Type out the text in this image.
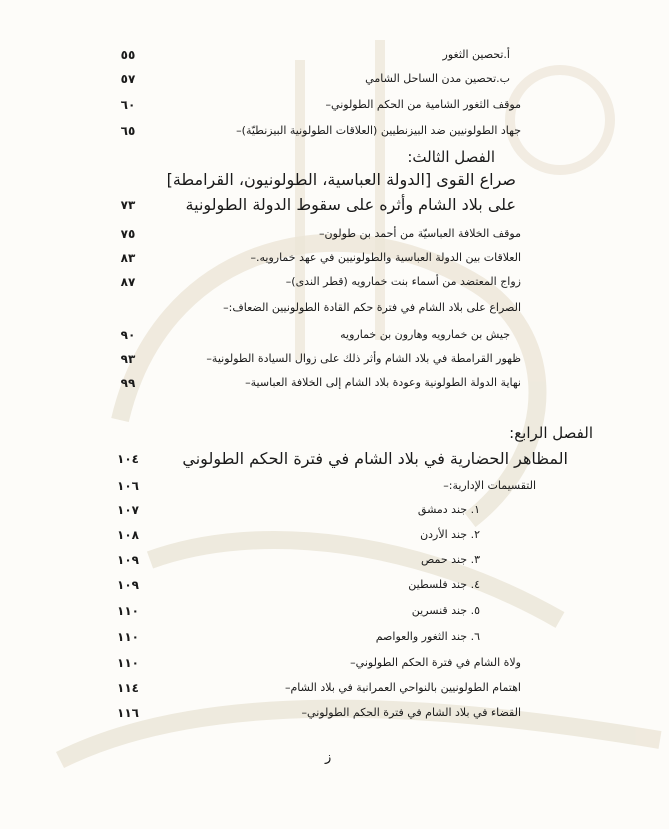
أ.تحصين الثغور
٥٥
ب.تحصين مدن الساحل الشامي
٥٧
موقف الثغور الشامية من الحكم الطولوني–
٦٠
جهاد الطولونيين ضد البيزنطيين (العلاقات الطولونية البيزنطيّة)–
٦٥
الفصل الثالث:
صراع القوى [الدولة العباسية، الطولونيون، القرامطة]
على بلاد الشام وأثره على سقوط الدولة الطولونية
٧٣
موقف الخلافة العباسيّة من أحمد بن طولون–
٧٥
العلاقات بين الدولة العباسية والطولونيين في عهد خمارويه.–
٨٣
زواج المعتضد من أسماء بنت خمارويه (قطر الندى)–
٨٧
الصراع على بلاد الشام في فترة حكم القادة الطولونيين الضعاف:–
جيش بن خمارويه وهارون بن خمارويه
٩٠
ظهور القرامطة في بلاد الشام وأثر ذلك على زوال السيادة الطولونية–
٩٣
نهاية الدولة الطولونية وعودة بلاد الشام إلى الخلافة العباسية–
٩٩
الفصل الرابع:
المظاهر الحضارية في بلاد الشام في فترة الحكم الطولوني
١٠٤
التقسيمات الإدارية:–
١٠٦
١. جند دمشق
١٠٧
٢. جند الأردن
١٠٨
٣. جند حمص
١٠٩
٤. جند فلسطين
١٠٩
٥. جند قنسرين
١١٠
٦. جند الثغور والعواصم
١١٠
ولاة الشام في فترة الحكم الطولوني–
١١٠
اهتمام الطولونيين بالنواحي العمرانية في بلاد الشام–
١١٤
القضاء في بلاد الشام في فترة الحكم الطولوني–
١١٦
ز
